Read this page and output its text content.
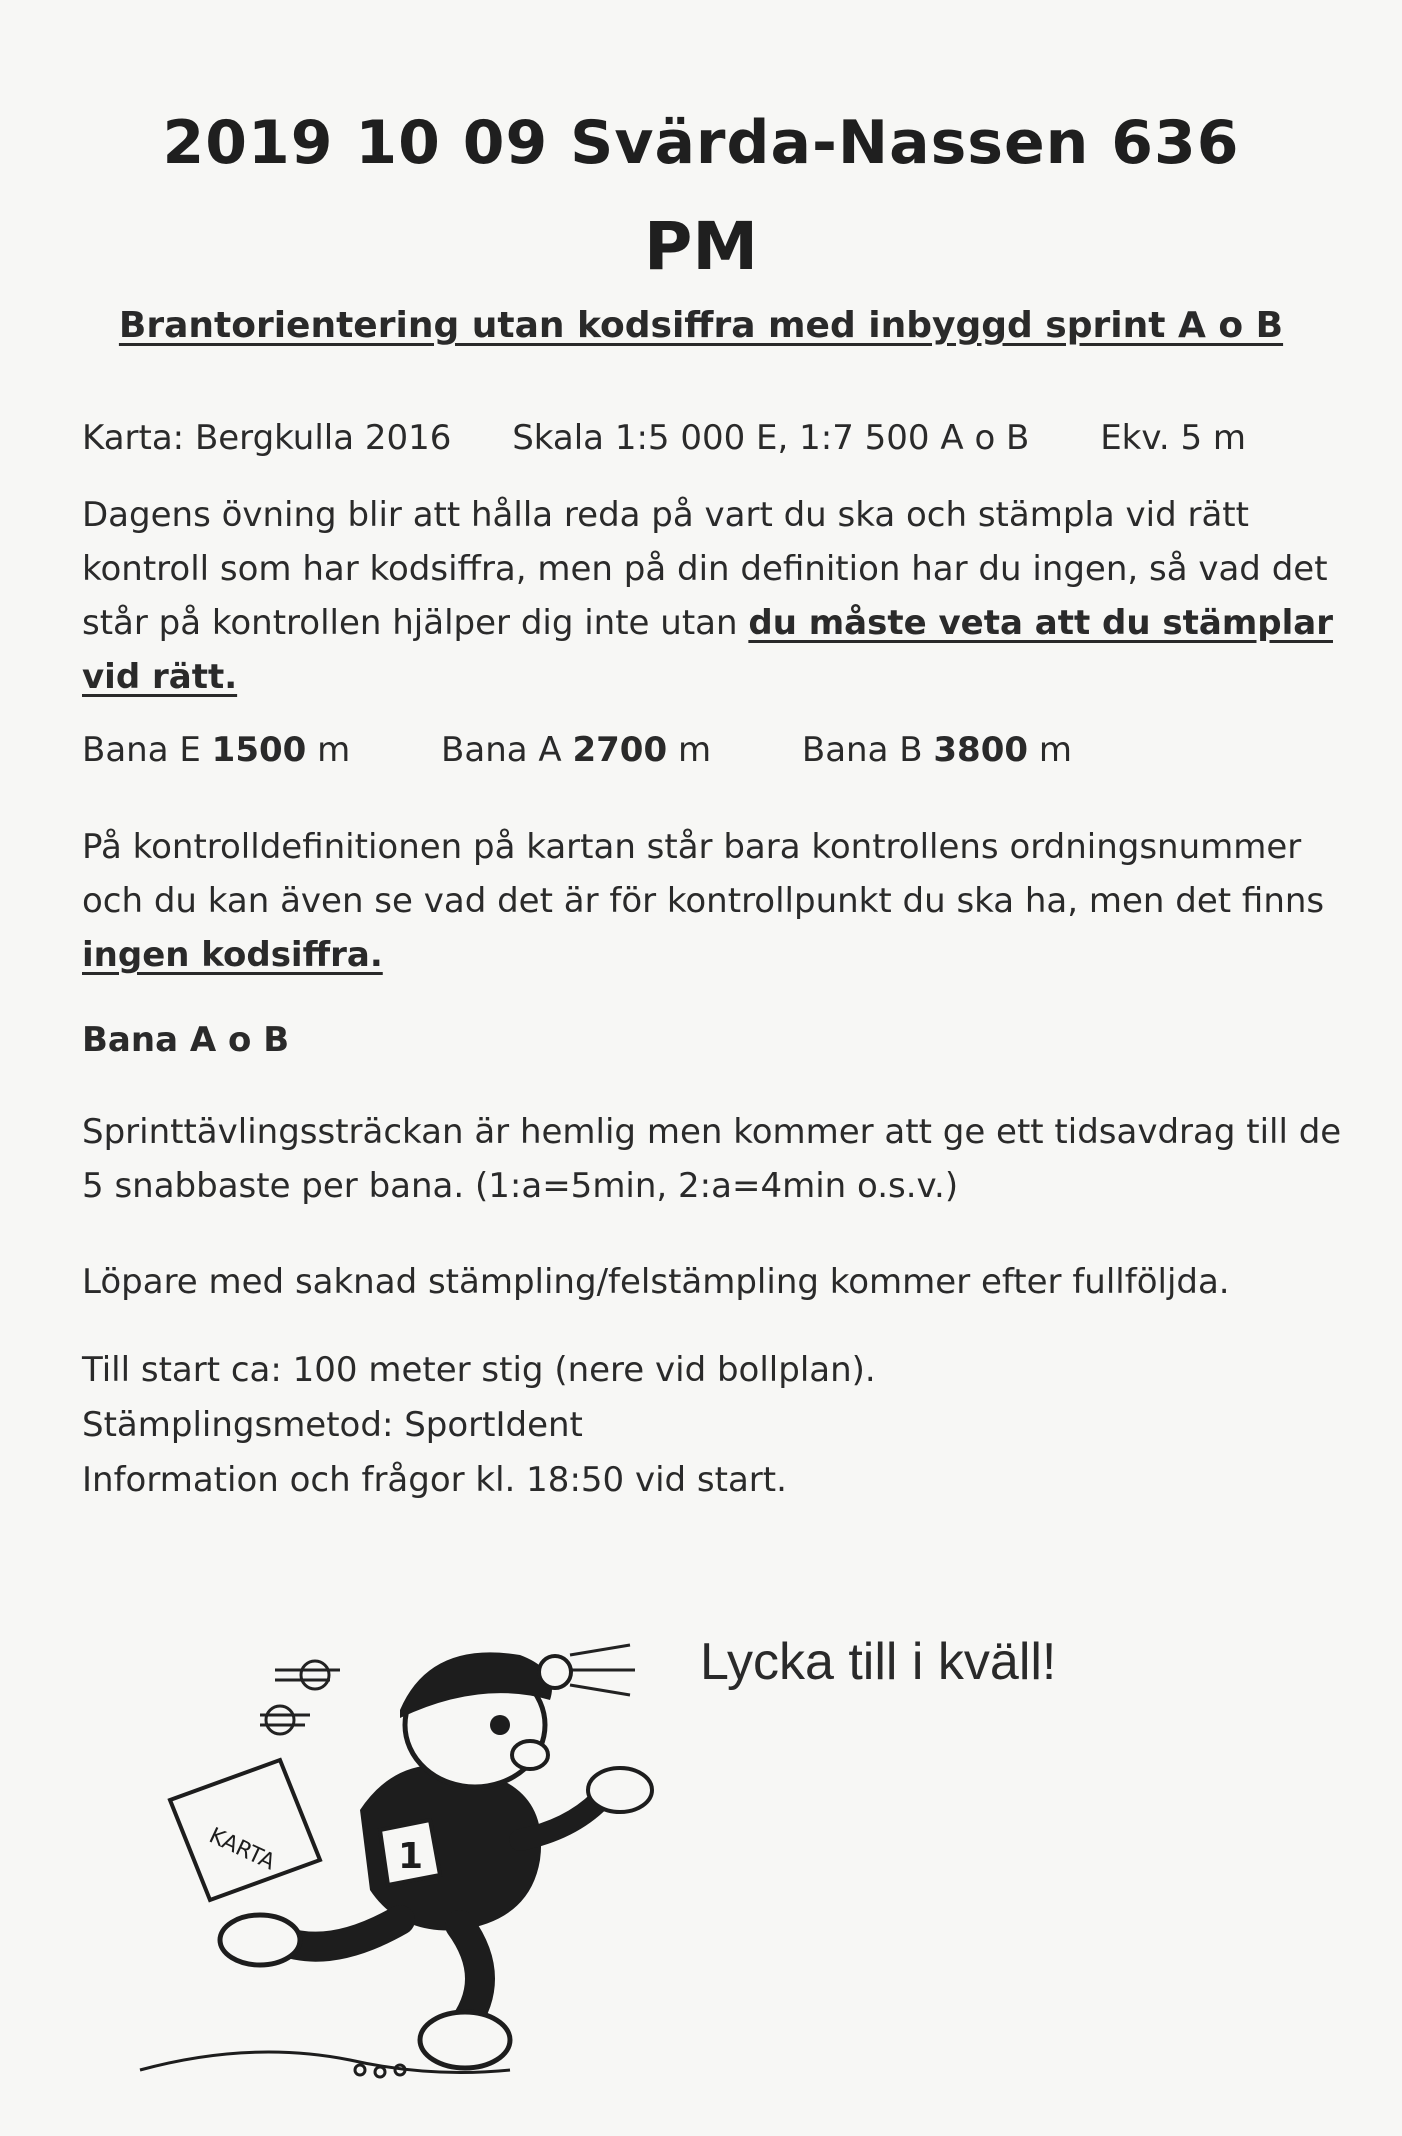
2019 10 09 Svärda-Nassen 636
PM
Brantorientering utan kodsiffra med inbyggd sprint A o B
Karta: Bergkulla 2016 Skala 1:5 000 E, 1:7 500 A o B Ekv. 5 m
Dagens övning blir att hålla reda på vart du ska och stämpla vid rätt kontroll som har kodsiffra, men på din definition har du ingen, så vad det står på kontrollen hjälper dig inte utan du måste veta att du stämplar vid rätt.
Bana E 1500 m	Bana A 2700 m	Bana B 3800 m
På kontrolldefinitionen på kartan står bara kontrollens ordningsnummer och du kan även se vad det är för kontrollpunkt du ska ha, men det finns ingen kodsiffra.
Bana A o B
Sprinttävlingssträckan är hemlig men kommer att ge ett tidsavdrag till de 5 snabbaste per bana. (1:a=5min, 2:a=4min o.s.v.)
Löpare med saknad stämpling/felstämpling kommer efter fullföljda.
Till start ca: 100 meter stig (nere vid bollplan).
Stämplingsmetod: SportIdent
Information och frågor kl. 18:50 vid start.
Lycka till i kväll!
KARTA	1
